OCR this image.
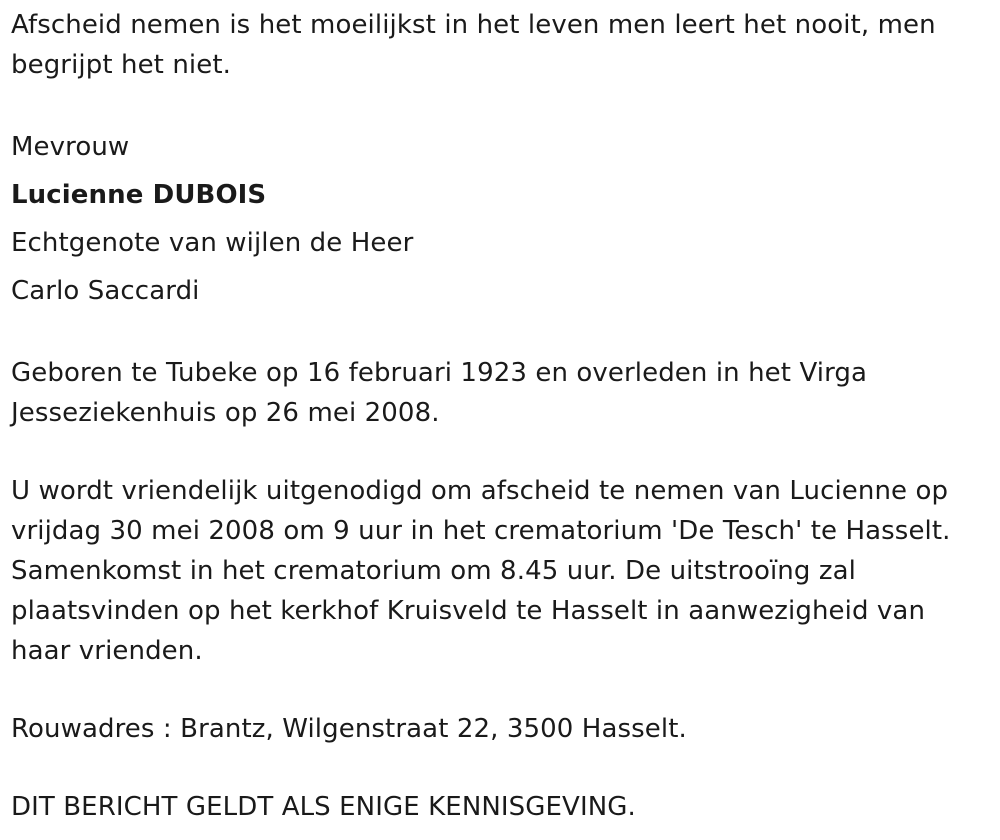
Afscheid nemen is het moeilijkst in het leven men leert het nooit, men
begrijpt het niet.

Mevrouw

Lucienne DUBOIS

Echtgenote van wijlen de Heer

Carlo Saccardi

Geboren te Tubeke op 16 februari 1923 en overleden in het Virga
Jesseziekenhuis op 26 mei 2008.

U wordt vriendelijk uitgenodigd om afscheid te nemen van Lucienne op
vrijdag 30 mei 2008 om 9 uur in het crematorium 'De Tesch' te Hasselt.
Samenkomst in het crematorium om 8.45 uur. De uitstrooïng zal
plaatsvinden op het kerkhof Kruisveld te Hasselt in aanwezigheid van
haar vrienden.

Rouwadres : Brantz, Wilgenstraat 22, 3500 Hasselt.

DIT BERICHT GELDT ALS ENIGE KENNISGEVING.
